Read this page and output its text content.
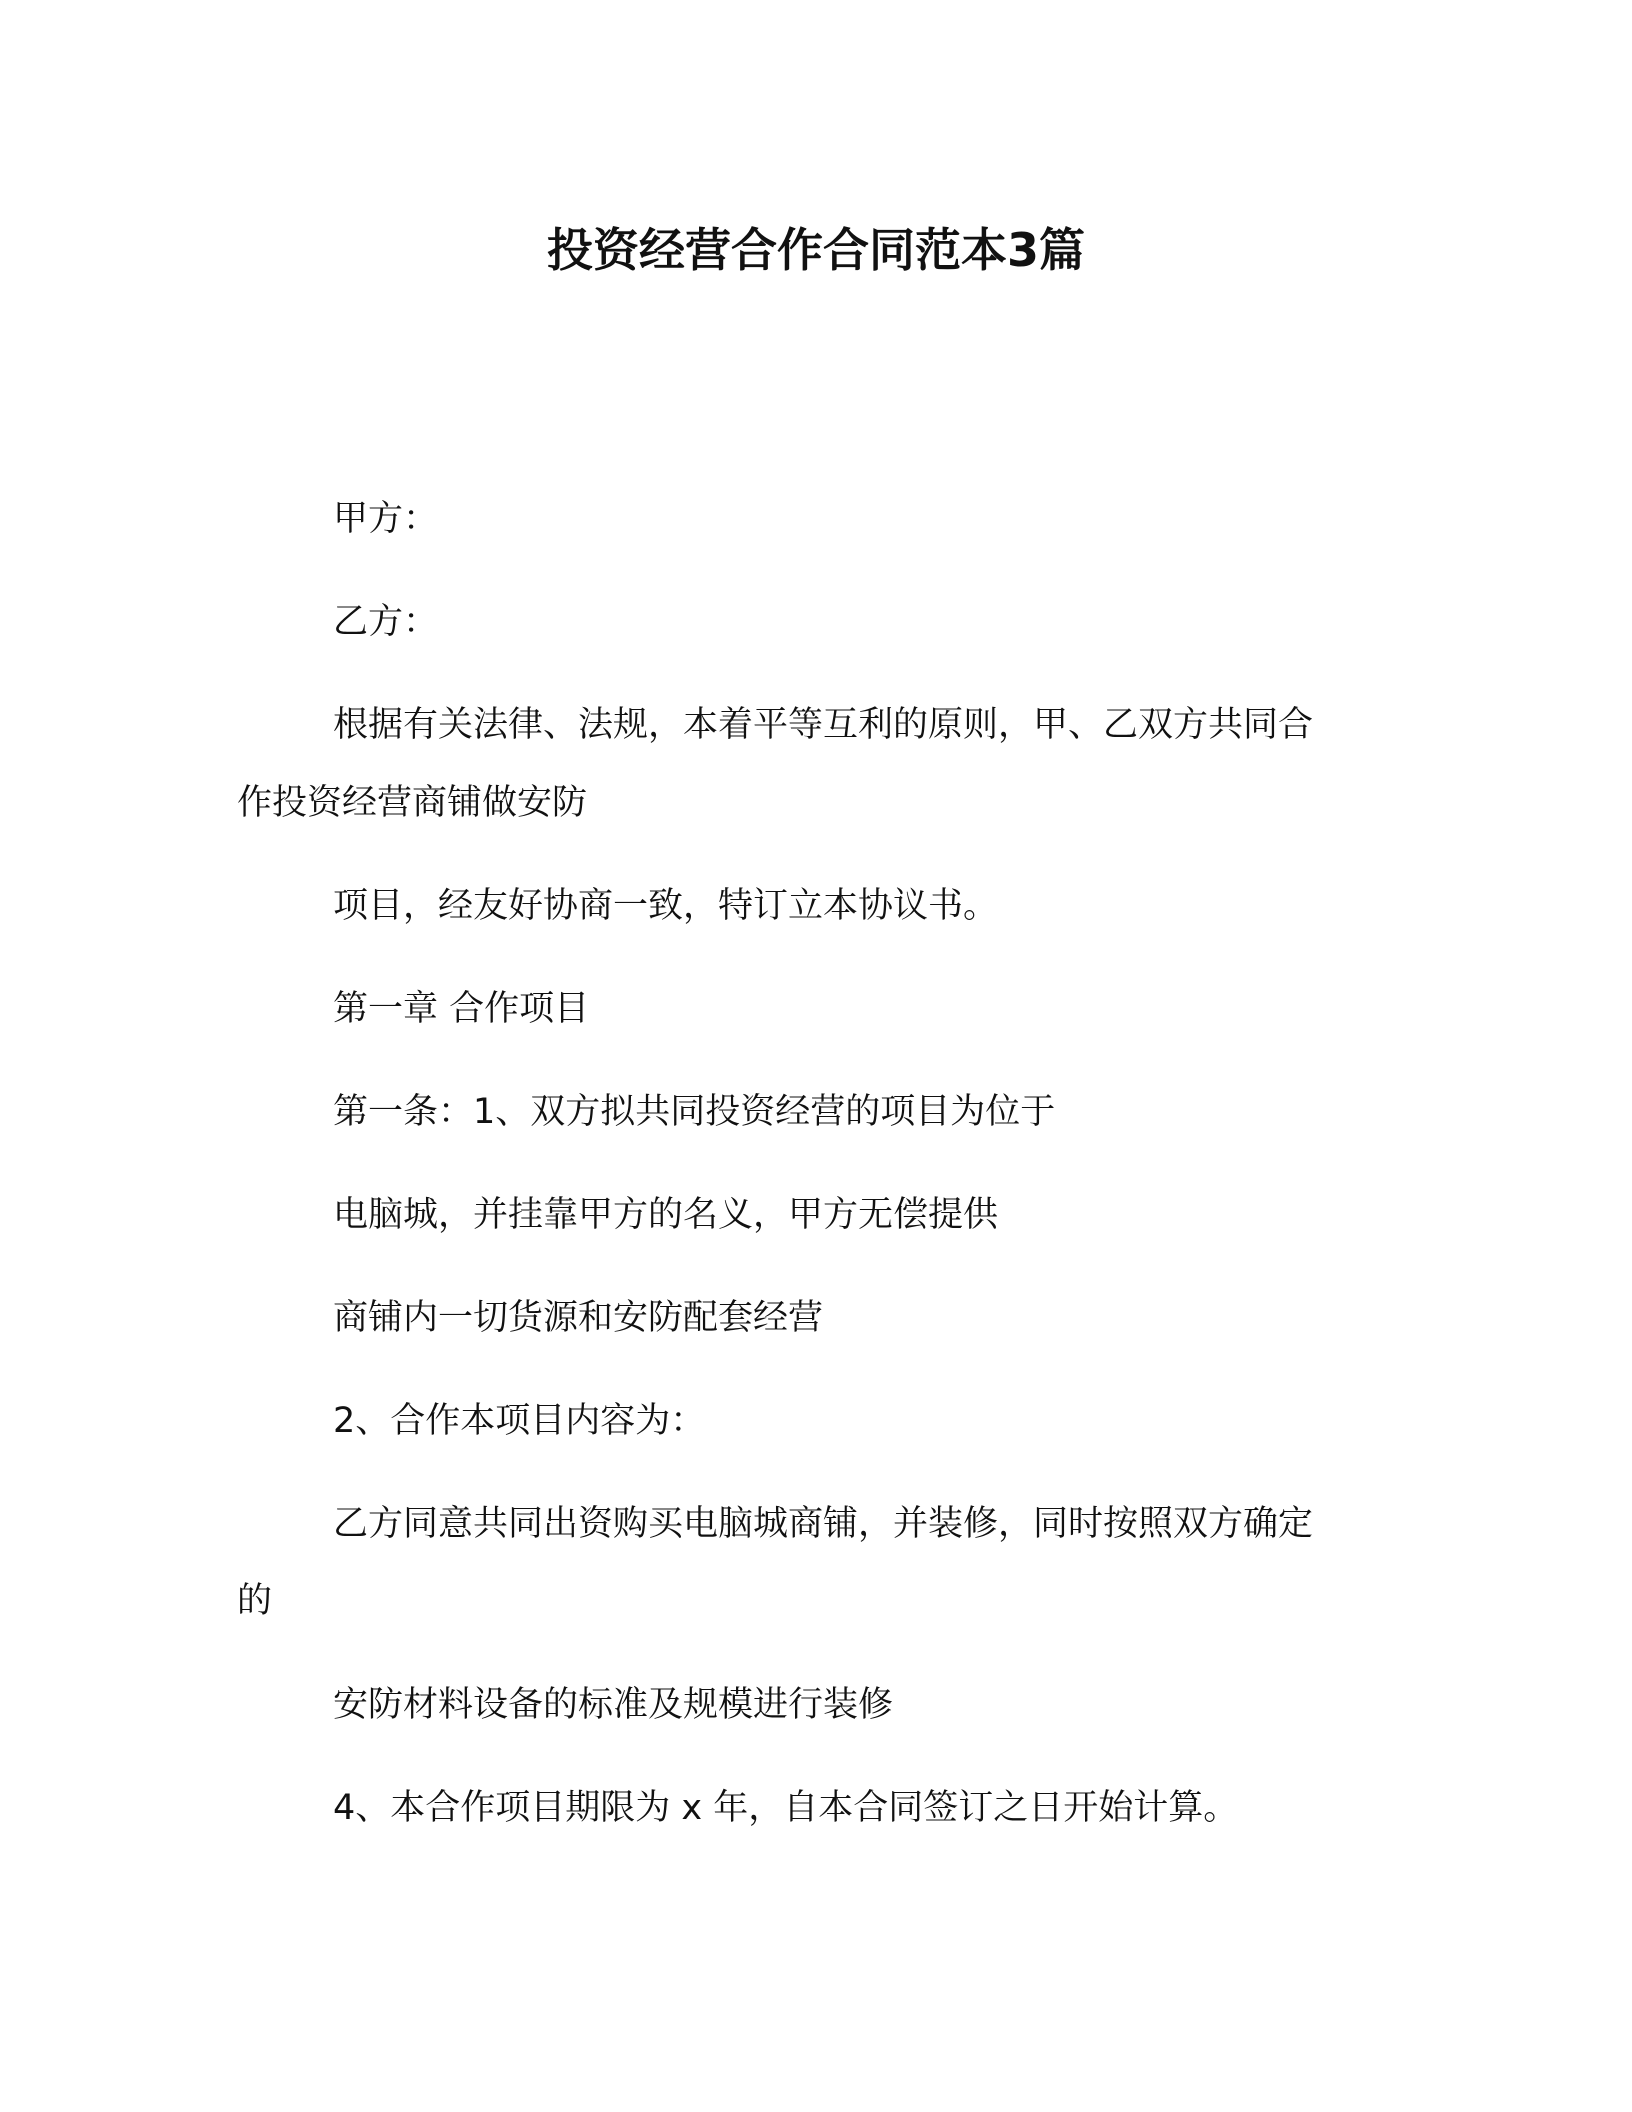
投资经营合作合同范本3篇
甲方：
乙方：
根据有关法律、法规，本着平等互利的原则，甲、乙双方共同合
作投资经营商铺做安防
项目，经友好协商一致，特订立本协议书。
第一章 合作项目
第一条：1、双方拟共同投资经营的项目为位于
电脑城，并挂靠甲方的名义，甲方无偿提供
商铺内一切货源和安防配套经营
2、合作本项目内容为：
乙方同意共同出资购买电脑城商铺，并装修，同时按照双方确定
的
安防材料设备的标准及规模进行装修
4、本合作项目期限为 x 年，自本合同签订之日开始计算。
